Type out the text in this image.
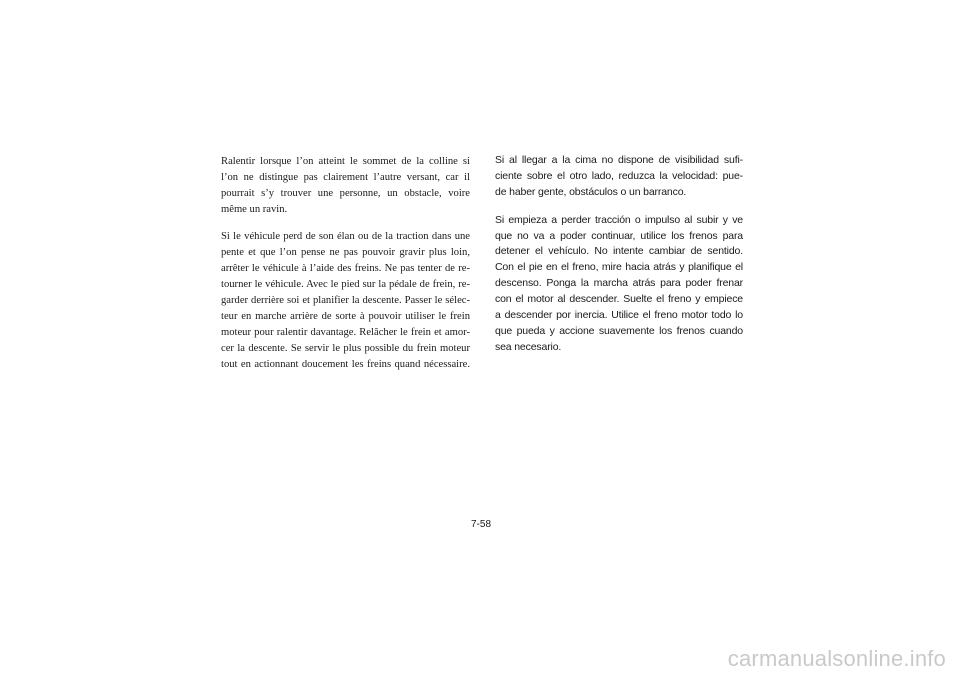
Ralentir lorsque l’on atteint le sommet de la colline si
l’on ne distingue pas clairement l’autre versant, car il
pourrait s’y trouver une personne, un obstacle, voire
même un ravin.
Si le véhicule perd de son élan ou de la traction dans une
pente et que l’on pense ne pas pouvoir gravir plus loin,
arrêter le véhicule à l’aide des freins. Ne pas tenter de re-
tourner le véhicule. Avec le pied sur la pédale de frein, re-
garder derrière soi et planifier la descente. Passer le sélec-
teur en marche arrière de sorte à pouvoir utiliser le frein
moteur pour ralentir davantage. Relâcher le frein et amor-
cer la descente. Se servir le plus possible du frein moteur
tout en actionnant doucement les freins quand nécessaire.
Si al llegar a la cima no dispone de visibilidad sufi-
ciente sobre el otro lado, reduzca la velocidad: pue-
de haber gente, obstáculos o un barranco.
Si empieza a perder tracción o impulso al subir y ve
que no va a poder continuar, utilice los frenos para
detener el vehículo. No intente cambiar de sentido.
Con el pie en el freno, mire hacia atrás y planifique el
descenso. Ponga la marcha atrás para poder frenar
con el motor al descender. Suelte el freno y empiece
a descender por inercia. Utilice el freno motor todo lo
que pueda y accione suavemente los frenos cuando
sea necesario.
7-58
carmanualsonline.info
